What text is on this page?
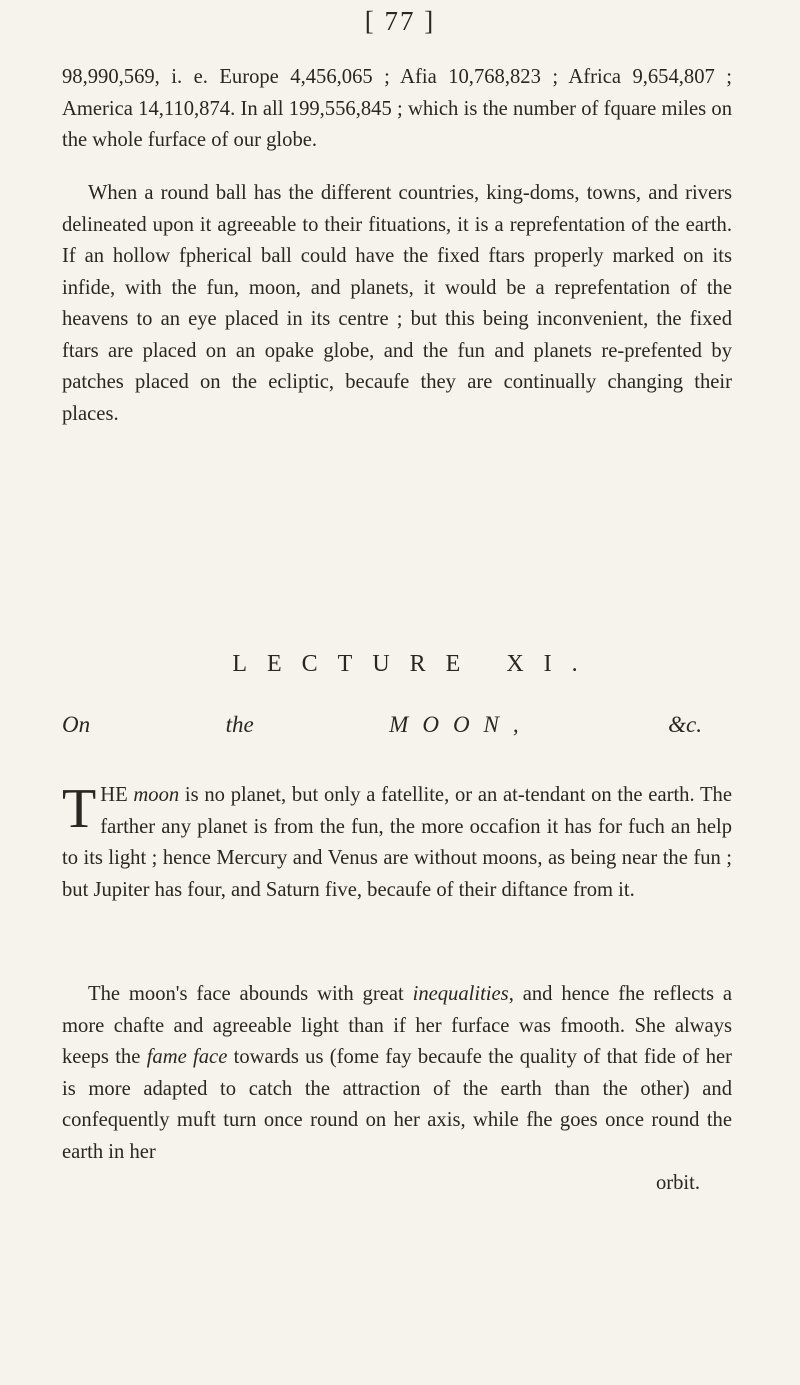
[ 77 ]
98,990,569, i. e. Europe 4,456,065 ; Afia 10,768,823 ; Africa 9,654,807 ; America 14,110,874. In all 199,556,845 ; which is the number of fquare miles on the whole furface of our globe.
When a round ball has the different countries, king-doms, towns, and rivers delineated upon it agreeable to their fituations, it is a reprefentation of the earth. If an hollow fpherical ball could have the fixed ftars properly marked on its infide, with the fun, moon, and planets, it would be a reprefentation of the heavens to an eye placed in its centre ; but this being inconvenient, the fixed ftars are placed on an opake globe, and the fun and planets re-prefented by patches placed on the ecliptic, becaufe they are continually changing their places.
LECTURE XI.
On	the	MOON,	&c.
THE moon is no planet, but only a fatellite, or an at-tendant on the earth. The farther any planet is from the fun, the more occafion it has for fuch an help to its light ; hence Mercury and Venus are without moons, as being near the fun ; but Jupiter has four, and Saturn five, becaufe of their diftance from it.
The moon's face abounds with great inequalities, and hence fhe reflects a more chafte and agreeable light than if her furface was fmooth. She always keeps the fame face towards us (fome fay becaufe the quality of that fide of her is more adapted to catch the attraction of the earth than the other) and confequently muft turn once round on her axis, while fhe goes once round the earth in her
orbit.
